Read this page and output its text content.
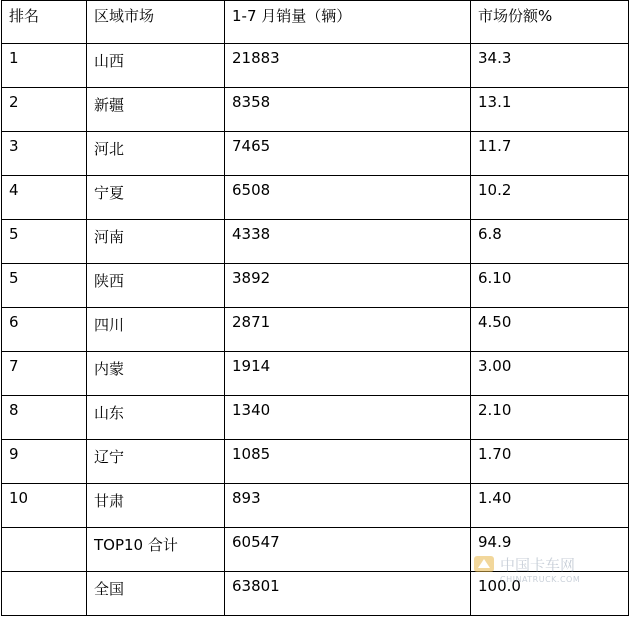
排名	区域市场	1-7 月销量（辆）	市场份额%
1	山西	21883	34.3
2	新疆	8358	13.1
3	河北	7465	11.7
4	宁夏	6508	10.2
5	河南	4338	6.8
5	陕西	3892	6.10
6	四川	2871	4.50
7	内蒙	1914	3.00
8	山东	1340	2.10
9	辽宁	1085	1.70
10	甘肃	893	1.40
	TOP10 合计	60547	94.9
	全国	63801	100.0
中国卡车网
CHINATRUCK.COM
